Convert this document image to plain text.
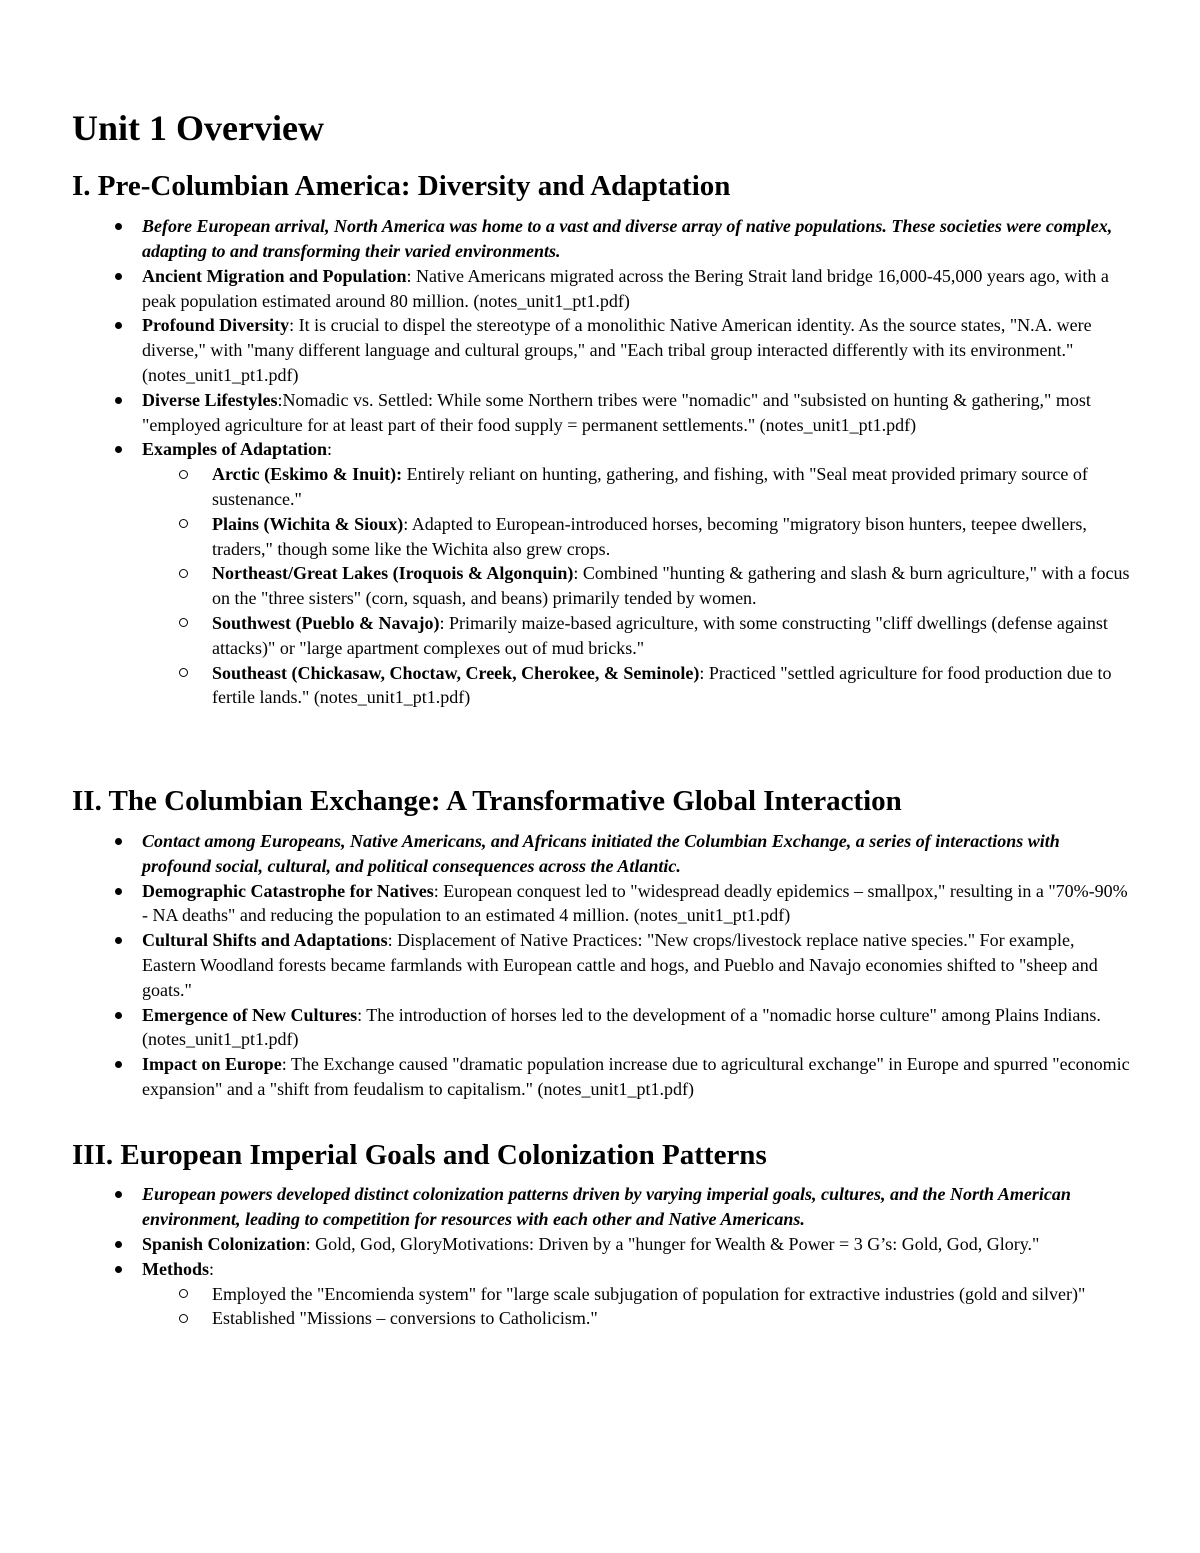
Unit 1 Overview
I. Pre-Columbian America: Diversity and Adaptation
Before European arrival, North America was home to a vast and diverse array of native populations. These societies were complex, adapting to and transforming their varied environments.
Ancient Migration and Population: Native Americans migrated across the Bering Strait land bridge 16,000-45,000 years ago, with a peak population estimated around 80 million. (notes_unit1_pt1.pdf)
Profound Diversity: It is crucial to dispel the stereotype of a monolithic Native American identity. As the source states, "N.A. were diverse," with "many different language and cultural groups," and "Each tribal group interacted differently with its environment." (notes_unit1_pt1.pdf)
Diverse Lifestyles:Nomadic vs. Settled: While some Northern tribes were "nomadic" and "subsisted on hunting & gathering," most "employed agriculture for at least part of their food supply = permanent settlements." (notes_unit1_pt1.pdf)
Examples of Adaptation:
Arctic (Eskimo & Inuit): Entirely reliant on hunting, gathering, and fishing, with "Seal meat provided primary source of sustenance."
Plains (Wichita & Sioux): Adapted to European-introduced horses, becoming "migratory bison hunters, teepee dwellers, traders," though some like the Wichita also grew crops.
Northeast/Great Lakes (Iroquois & Algonquin): Combined "hunting & gathering and slash & burn agriculture," with a focus on the "three sisters" (corn, squash, and beans) primarily tended by women.
Southwest (Pueblo & Navajo): Primarily maize-based agriculture, with some constructing "cliff dwellings (defense against attacks)" or "large apartment complexes out of mud bricks."
Southeast (Chickasaw, Choctaw, Creek, Cherokee, & Seminole): Practiced "settled agriculture for food production due to fertile lands." (notes_unit1_pt1.pdf)
II. The Columbian Exchange: A Transformative Global Interaction
Contact among Europeans, Native Americans, and Africans initiated the Columbian Exchange, a series of interactions with profound social, cultural, and political consequences across the Atlantic.
Demographic Catastrophe for Natives: European conquest led to "widespread deadly epidemics – smallpox," resulting in a "70%-90% - NA deaths" and reducing the population to an estimated 4 million. (notes_unit1_pt1.pdf)
Cultural Shifts and Adaptations: Displacement of Native Practices: "New crops/livestock replace native species." For example, Eastern Woodland forests became farmlands with European cattle and hogs, and Pueblo and Navajo economies shifted to "sheep and goats."
Emergence of New Cultures: The introduction of horses led to the development of a "nomadic horse culture" among Plains Indians. (notes_unit1_pt1.pdf)
Impact on Europe: The Exchange caused "dramatic population increase due to agricultural exchange" in Europe and spurred "economic expansion" and a "shift from feudalism to capitalism." (notes_unit1_pt1.pdf)
III. European Imperial Goals and Colonization Patterns
European powers developed distinct colonization patterns driven by varying imperial goals, cultures, and the North American environment, leading to competition for resources with each other and Native Americans.
Spanish Colonization: Gold, God, GloryMotivations: Driven by a "hunger for Wealth & Power = 3 G’s: Gold, God, Glory."
Methods:
Employed the "Encomienda system" for "large scale subjugation of population for extractive industries (gold and silver)"
Established "Missions – conversions to Catholicism."
